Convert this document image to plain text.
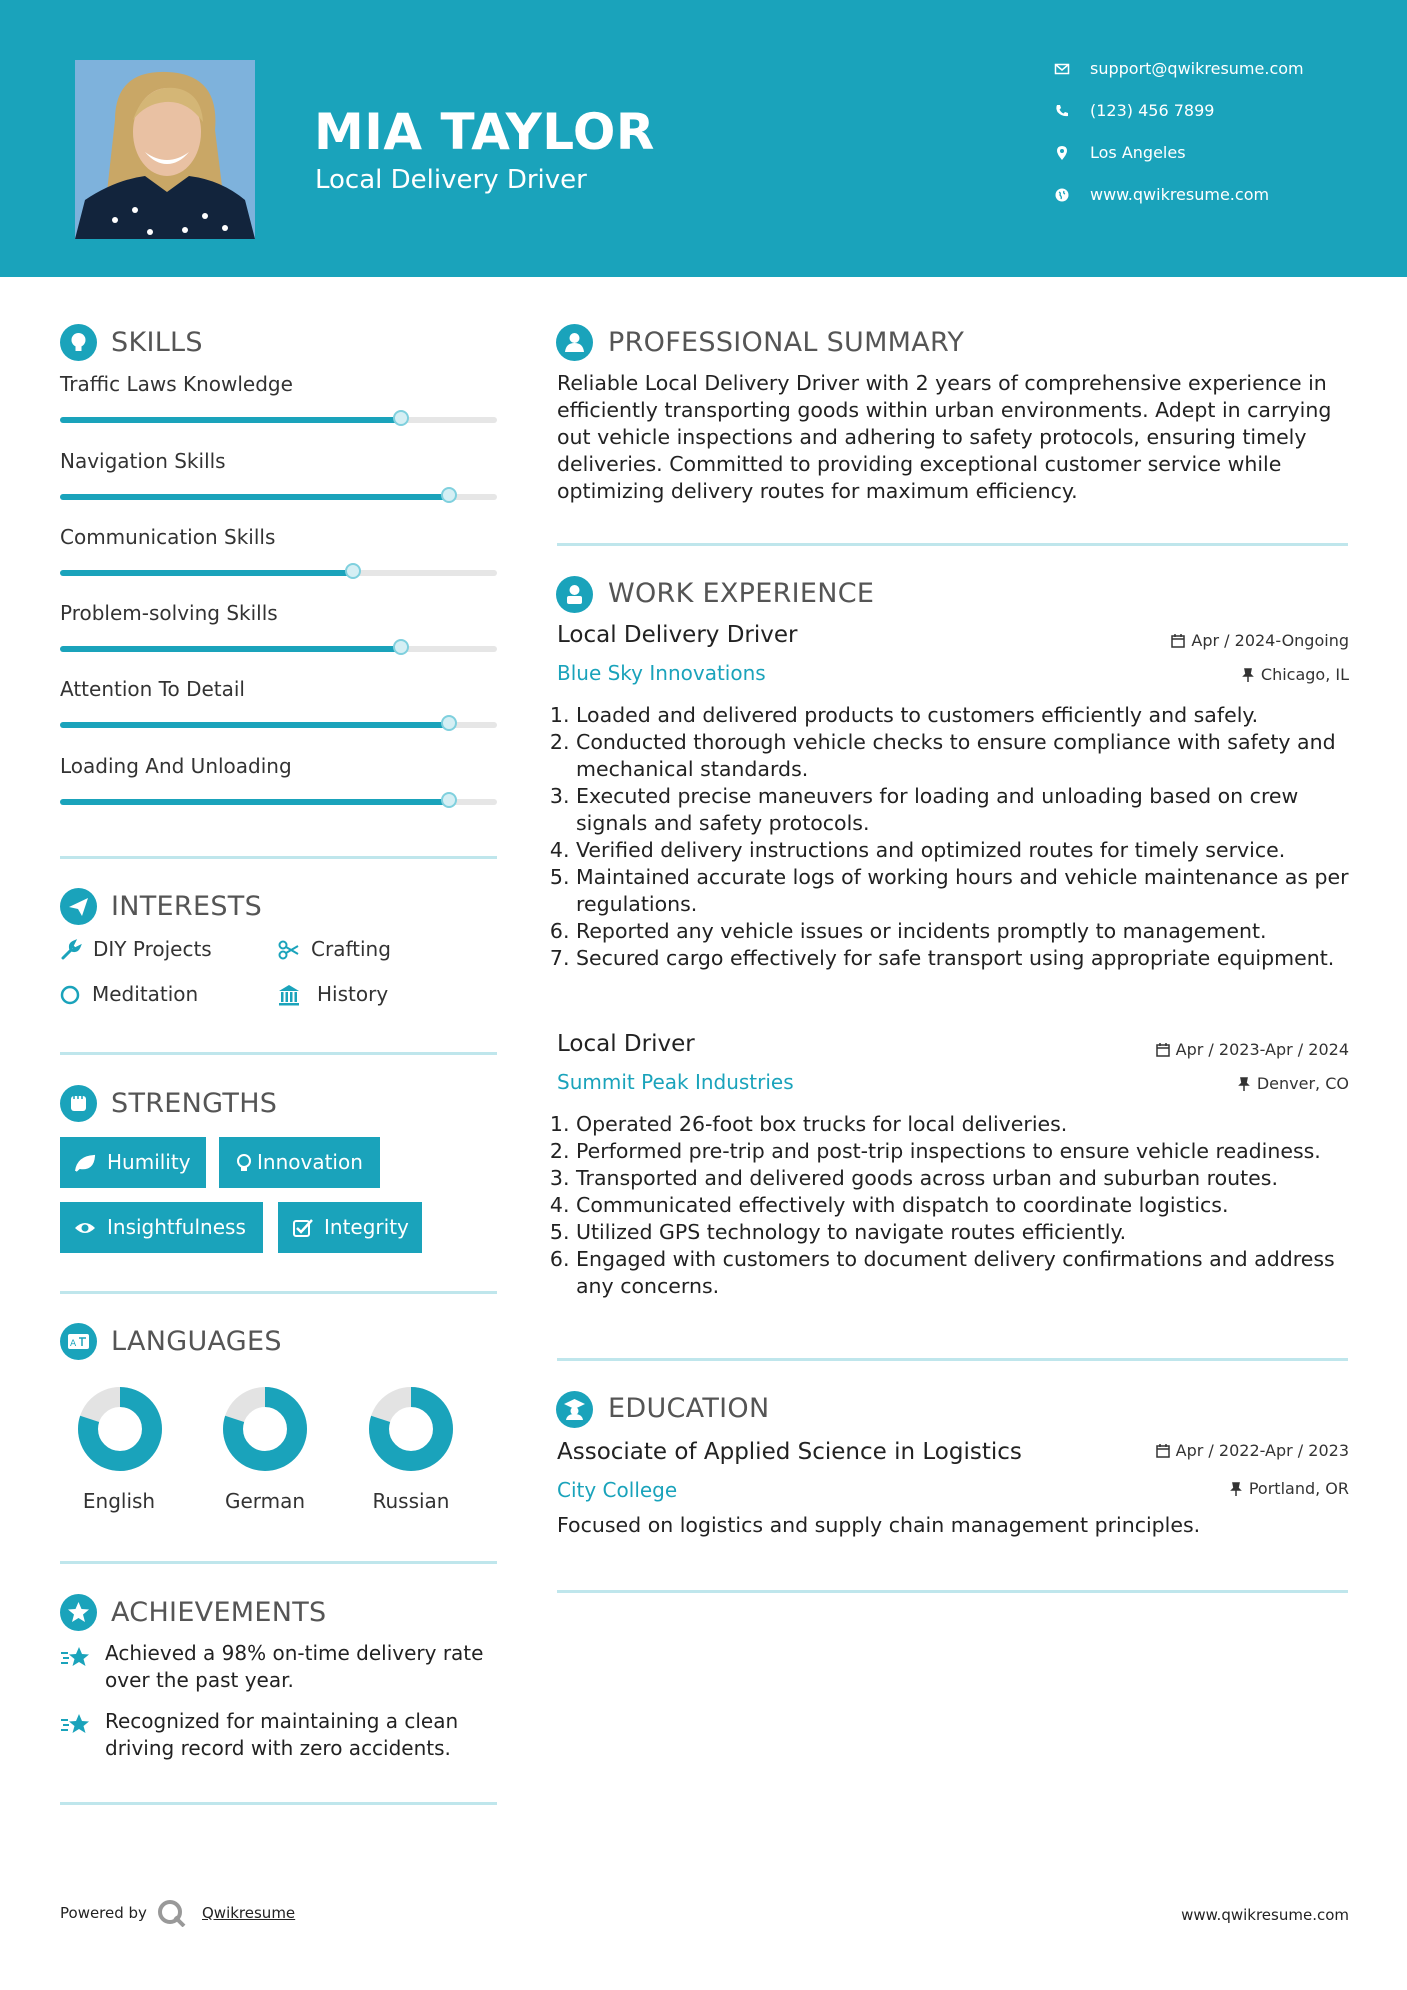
MIA TAYLOR
Local Delivery Driver
support@qwikresume.com
(123) 456 7899
Los Angeles
www.qwikresume.com
SKILLS
Traffic Laws Knowledge
Navigation Skills
Communication Skills
Problem-solving Skills
Attention To Detail
Loading And Unloading
INTERESTS
DIY Projects	Crafting
Meditation	History
STRENGTHS
Humility	Innovation
Insightfulness	Integrity
A LANGUAGES
English	German	Russian
ACHIEVEMENTS
Achieved a 98% on-time delivery rate over the past year.
Recognized for maintaining a clean driving record with zero accidents.
PROFESSIONAL SUMMARY
Reliable Local Delivery Driver with 2 years of comprehensive experience in efficiently transporting goods within urban environments. Adept in carrying out vehicle inspections and adhering to safety protocols, ensuring timely deliveries. Committed to providing exceptional customer service while optimizing delivery routes for maximum efficiency.
WORK EXPERIENCE
Local Delivery Driver	Apr / 2024-Ongoing
Blue Sky Innovations	Chicago, IL
1. Loaded and delivered products to customers efficiently and safely.
2. Conducted thorough vehicle checks to ensure compliance with safety and mechanical standards.
3. Executed precise maneuvers for loading and unloading based on crew signals and safety protocols.
4. Verified delivery instructions and optimized routes for timely service.
5. Maintained accurate logs of working hours and vehicle maintenance as per regulations.
6. Reported any vehicle issues or incidents promptly to management.
7. Secured cargo effectively for safe transport using appropriate equipment.
Local Driver	Apr / 2023-Apr / 2024
Summit Peak Industries	Denver, CO
1. Operated 26-foot box trucks for local deliveries.
2. Performed pre-trip and post-trip inspections to ensure vehicle readiness.
3. Transported and delivered goods across urban and suburban routes.
4. Communicated effectively with dispatch to coordinate logistics.
5. Utilized GPS technology to navigate routes efficiently.
6. Engaged with customers to document delivery confirmations and address any concerns.
EDUCATION
Associate of Applied Science in Logistics	Apr / 2022-Apr / 2023
City College	Portland, OR
Focused on logistics and supply chain management principles.
Powered by	Qwikresume	www.qwikresume.com
